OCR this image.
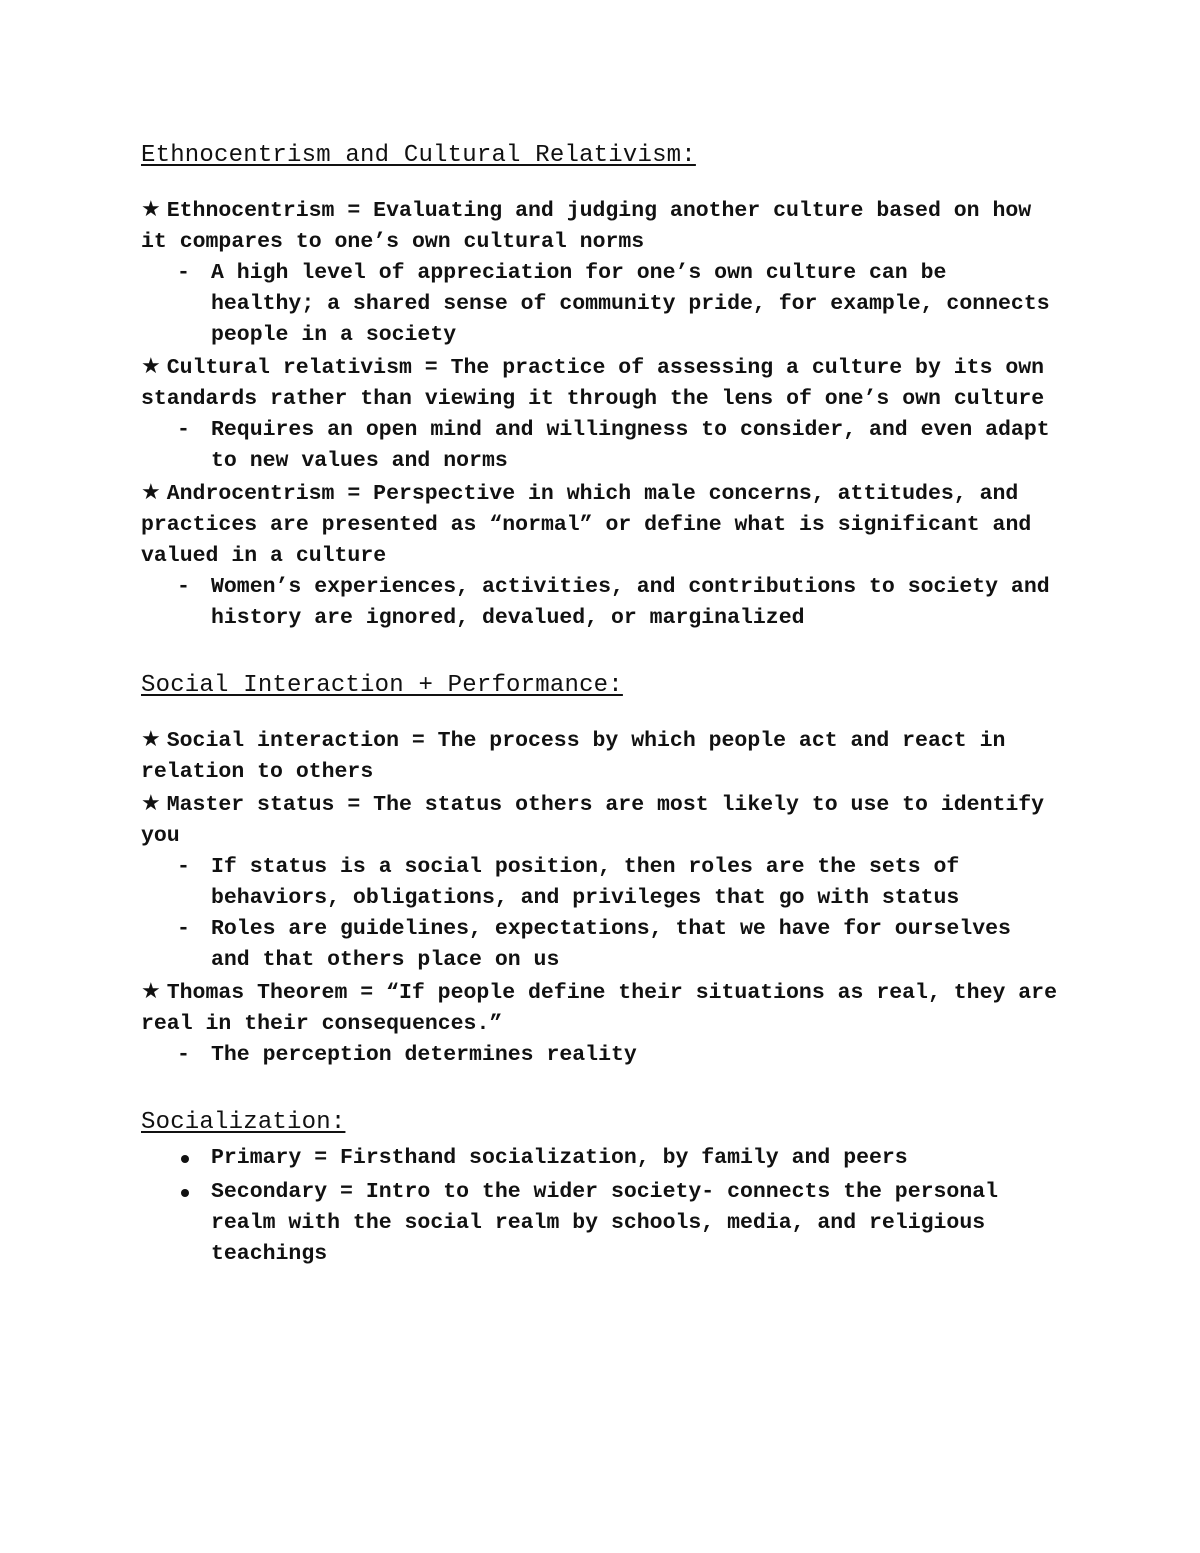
Ethnocentrism and Cultural Relativism:

★ Ethnocentrism = Evaluating and judging another culture based on how it compares to one’s own cultural norms

- A high level of appreciation for one’s own culture can be healthy; a shared sense of community pride, for example, connects people in a society

★ Cultural relativism = The practice of assessing a culture by its own standards rather than viewing it through the lens of one’s own culture

- Requires an open mind and willingness to consider, and even adapt to new values and norms

★ Androcentrism = Perspective in which male concerns, attitudes, and practices are presented as “normal” or define what is significant and valued in a culture

- Women’s experiences, activities, and contributions to society and history are ignored, devalued, or marginalized
Social Interaction + Performance:

★ Social interaction = The process by which people act and react in relation to others

★ Master status = The status others are most likely to use to identify you

- If status is a social position, then roles are the sets of behaviors, obligations, and privileges that go with status
- Roles are guidelines, expectations, that we have for ourselves and that others place on us

★ Thomas Theorem = “If people define their situations as real, they are real in their consequences.”

- The perception determines reality
Socialization:
Primary = Firsthand socialization, by family and peers
Secondary = Intro to the wider society- connects the personal realm with the social realm by schools, media, and religious teachings
